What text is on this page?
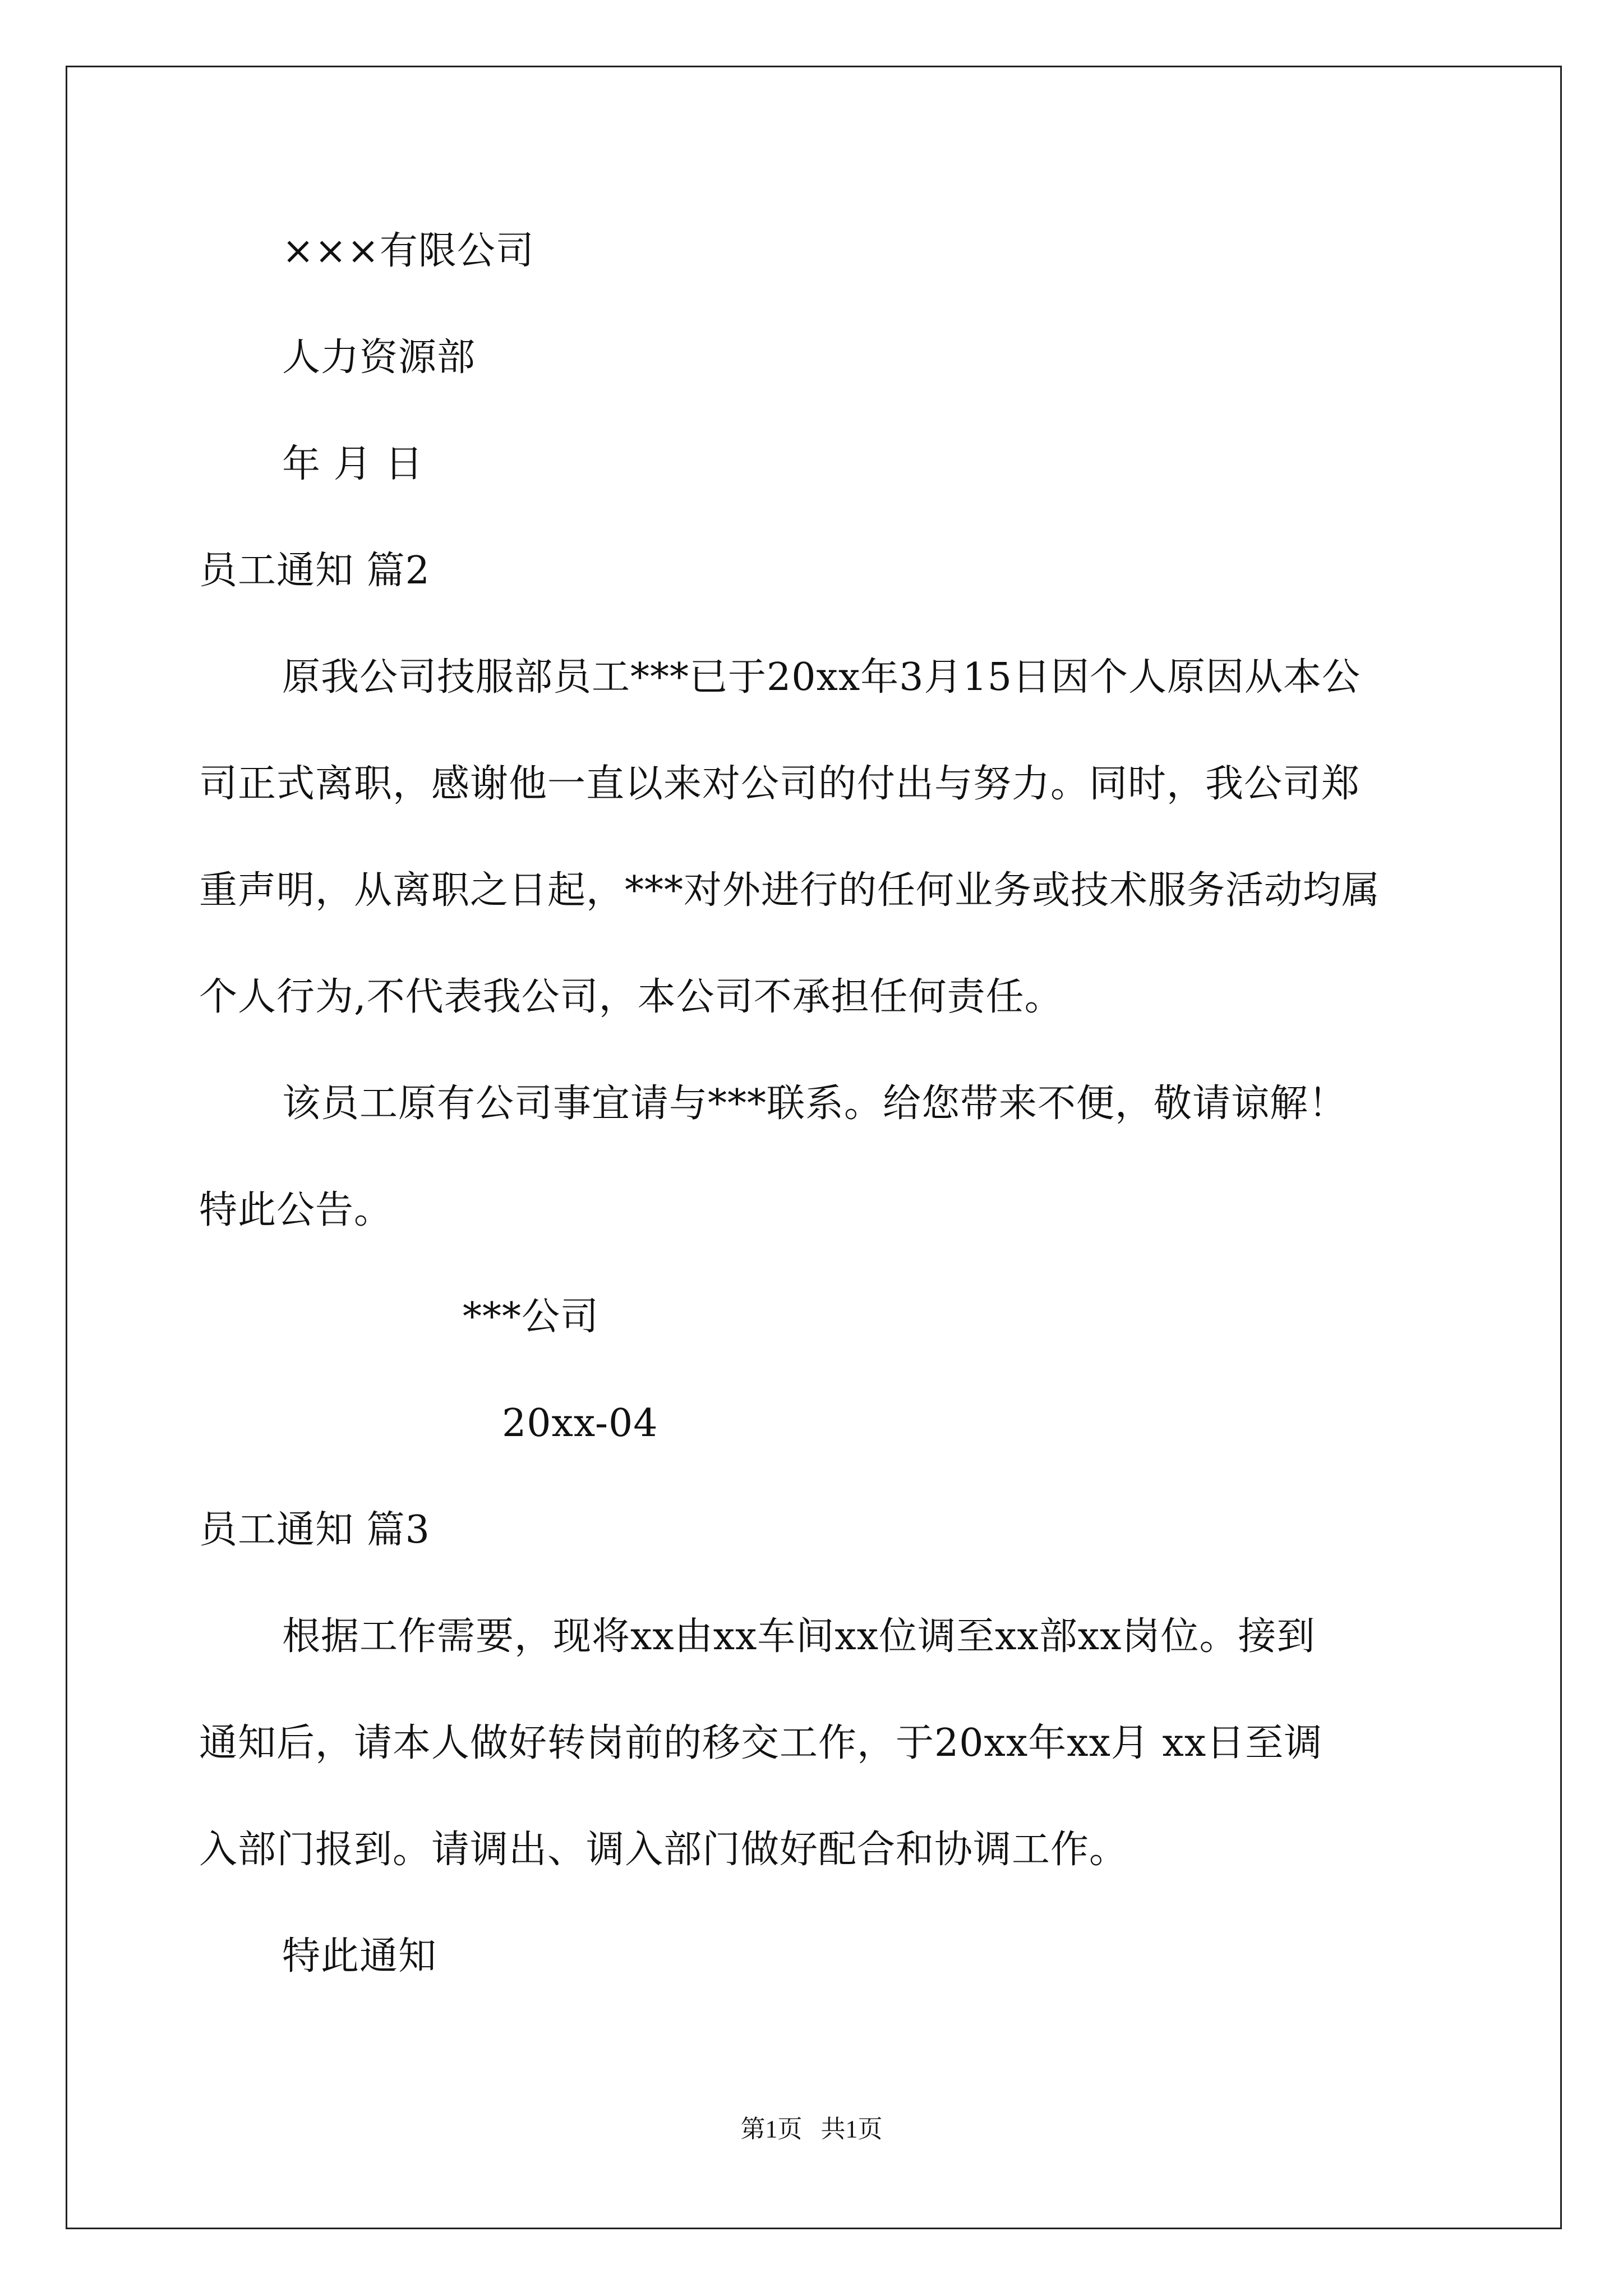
×××有限公司
人力资源部
年 月 日
员工通知 篇2
原我公司技服部员工***已于20xx年3月15日因个人原因从本公
司正式离职，感谢他一直以来对公司的付出与努力。同时，我公司郑
重声明，从离职之日起，***对外进行的任何业务或技术服务活动均属
个人行为,不代表我公司，本公司不承担任何责任。
该员工原有公司事宜请与***联系。给您带来不便，敬请谅解！
特此公告。
***公司
20xx-04
员工通知 篇3
根据工作需要，现将xx由xx车间xx位调至xx部xx岗位。接到
通知后，请本人做好转岗前的移交工作，于20xx年xx月 xx日至调
入部门报到。请调出、调入部门做好配合和协调工作。
特此通知
第1页   共1页
